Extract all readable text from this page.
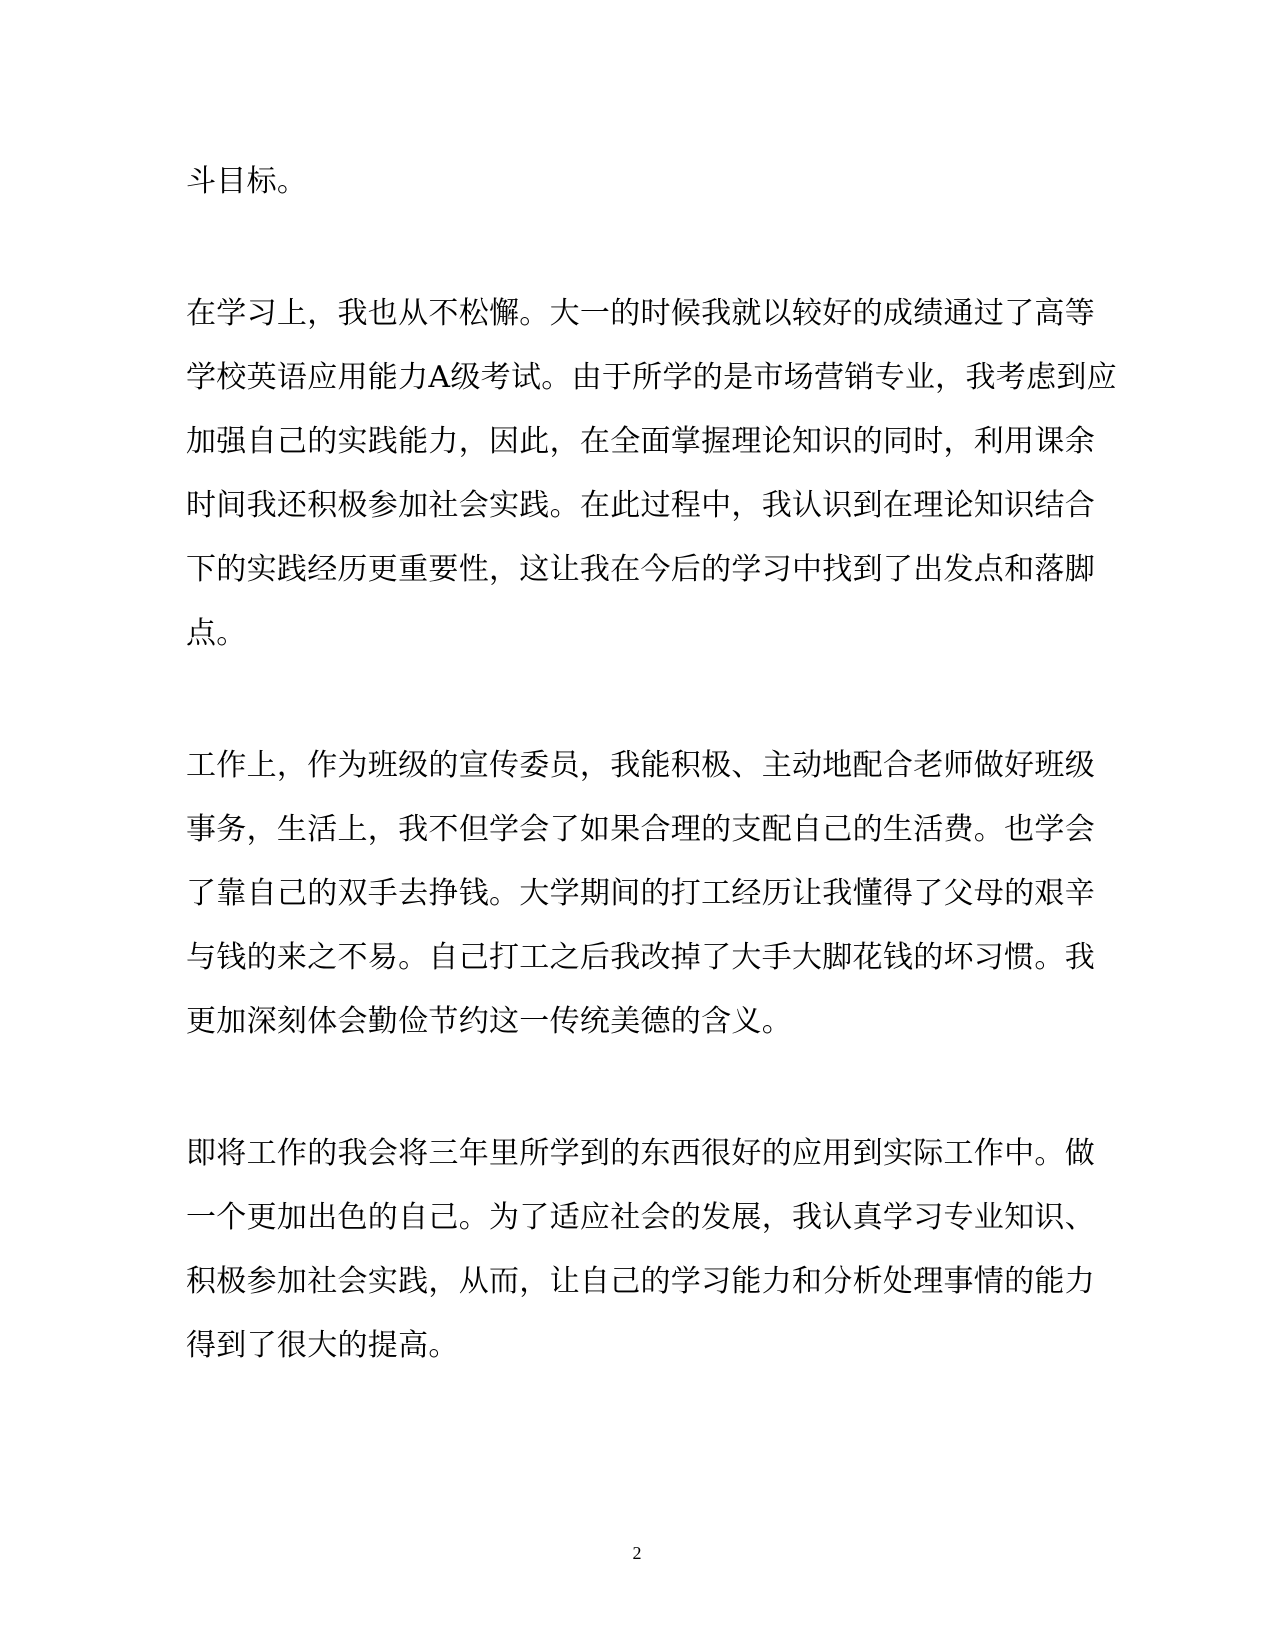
斗目标。
在学习上，我也从不松懈。大一的时候我就以较好的成绩通过了高等
学校英语应用能力A级考试。由于所学的是市场营销专业，我考虑到应
加强自己的实践能力，因此，在全面掌握理论知识的同时，利用课余
时间我还积极参加社会实践。在此过程中，我认识到在理论知识结合
下的实践经历更重要性，这让我在今后的学习中找到了出发点和落脚
点。
工作上，作为班级的宣传委员，我能积极、主动地配合老师做好班级
事务，生活上，我不但学会了如果合理的支配自己的生活费。也学会
了靠自己的双手去挣钱。大学期间的打工经历让我懂得了父母的艰辛
与钱的来之不易。自己打工之后我改掉了大手大脚花钱的坏习惯。我
更加深刻体会勤俭节约这一传统美德的含义。
即将工作的我会将三年里所学到的东西很好的应用到实际工作中。做
一个更加出色的自己。为了适应社会的发展，我认真学习专业知识、
积极参加社会实践，从而，让自己的学习能力和分析处理事情的能力
得到了很大的提高。
2
